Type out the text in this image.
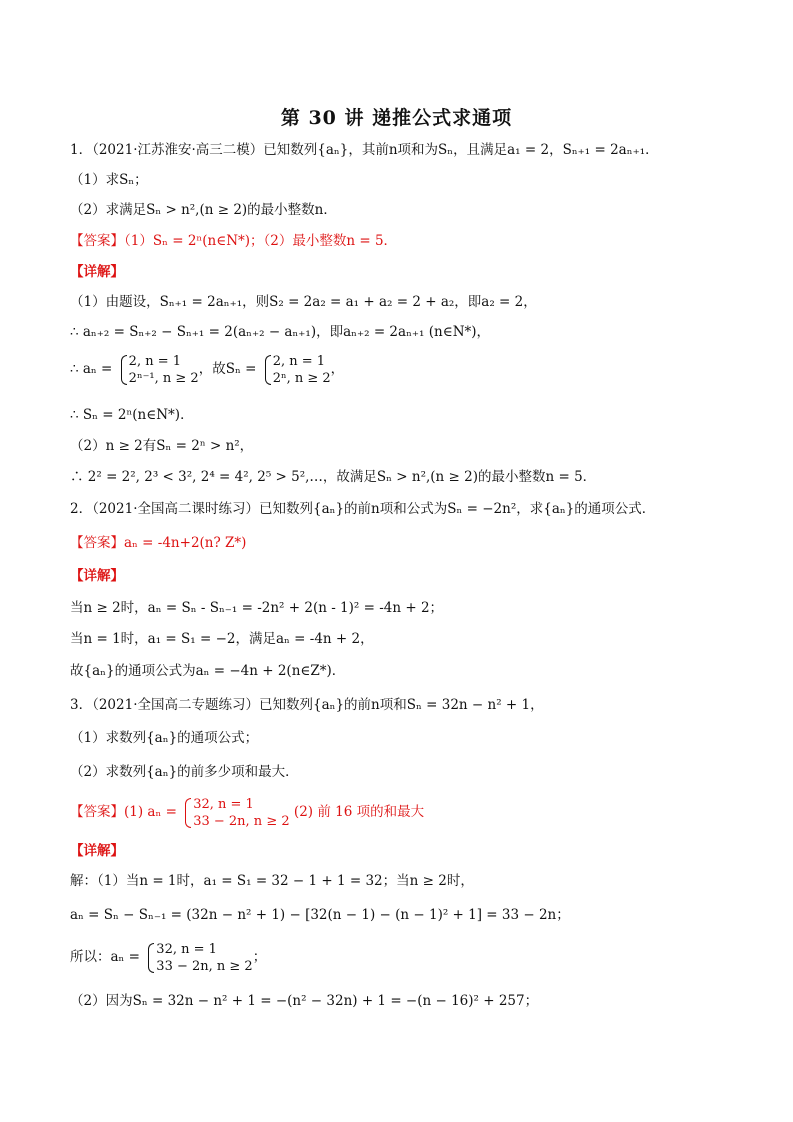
第 30 讲 递推公式求通项
1．（2021·江苏淮安·高三二模）已知数列{aₙ}，其前n项和为Sₙ，且满足a₁ = 2，Sₙ₊₁ = 2aₙ₊₁．
（1）求Sₙ；
（2）求满足Sₙ > n²,(n ≥ 2)的最小整数n．
【答案】（1）Sₙ = 2ⁿ(n∈N*)；（2）最小整数n = 5．
【详解】
（1）由题设，Sₙ₊₁ = 2aₙ₊₁，则S₂ = 2a₂ = a₁ + a₂ = 2 + a₂，即a₂ = 2，
∴ aₙ₊₂ = Sₙ₊₂ − Sₙ₊₁ = 2(aₙ₊₂ − aₙ₊₁)，即aₙ₊₂ = 2aₙ₊₁ (n∈N*)，
∴ aₙ = 2, n = 1
2ⁿ⁻¹, n ≥ 2
，故Sₙ = 2, n = 1
2ⁿ, n ≥ 2
，
∴ Sₙ = 2ⁿ(n∈N*)．
（2）n ≥ 2有Sₙ = 2ⁿ > n²，
∴ 2² = 2², 2³ < 3², 2⁴ = 4², 2⁵ > 5²,…，故满足Sₙ > n²,(n ≥ 2)的最小整数n = 5．
2．（2021·全国高二课时练习）已知数列{aₙ}的前n项和公式为Sₙ = −2n²，求{aₙ}的通项公式．
【答案】aₙ = -4n+2(n? Z*)
【详解】
当n ≥ 2时，aₙ = Sₙ - Sₙ₋₁ = -2n² + 2(n - 1)² = -4n + 2；
当n = 1时，a₁ = S₁ = −2，满足aₙ = -4n + 2，
故{aₙ}的通项公式为aₙ = −4n + 2(n∈Z*)．
3．（2021·全国高二专题练习）已知数列{aₙ}的前n项和Sₙ = 32n − n² + 1，
（1）求数列{aₙ}的通项公式；
（2）求数列{aₙ}的前多少项和最大．
【答案】(1) aₙ = 32, n = 1
33 − 2n, n ≥ 2
(2) 前 16 项的和最大
【详解】
解：（1）当n = 1时，a₁ = S₁ = 32 − 1 + 1 = 32；当n ≥ 2时，
aₙ = Sₙ − Sₙ₋₁ = (32n − n² + 1) − [32(n − 1) − (n − 1)² + 1] = 33 − 2n；
所以：aₙ = 32, n = 1
33 − 2n, n ≥ 2
；
（2）因为Sₙ = 32n − n² + 1 = −(n² − 32n) + 1 = −(n − 16)² + 257；
